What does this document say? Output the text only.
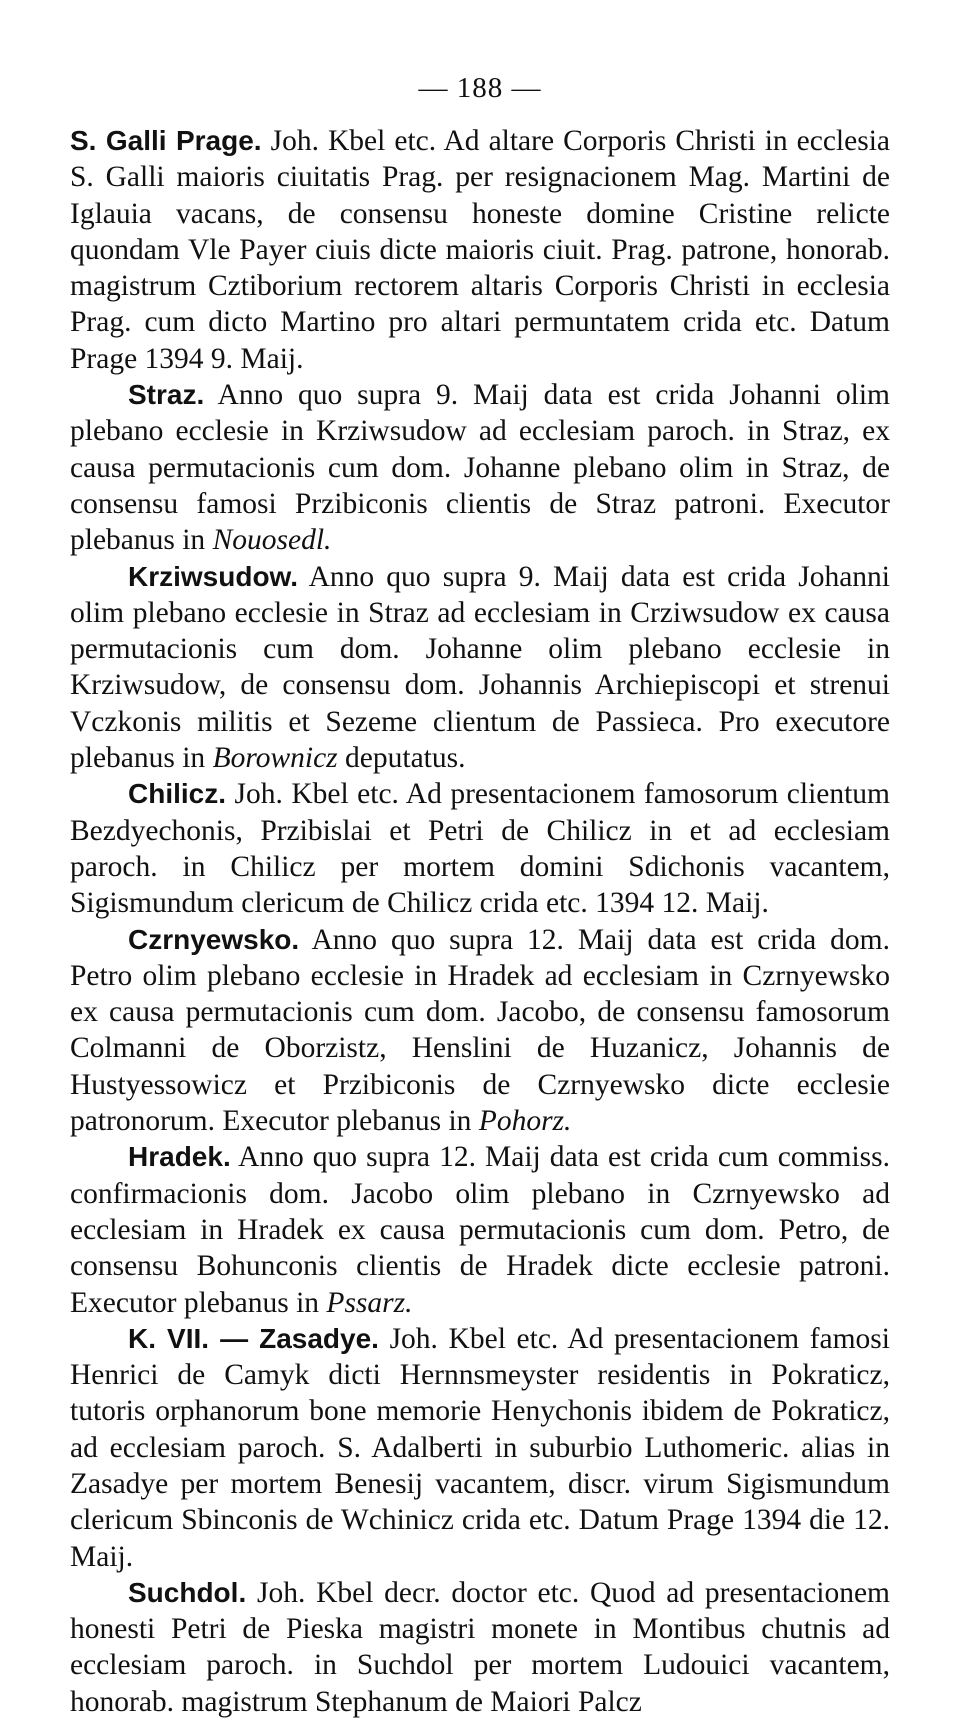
— 188 —
S. Galli Prage. Joh. Kbel etc. Ad altare Corporis Christi in ecclesia S. Galli maioris ciuitatis Prag. per resignacionem Mag. Martini de Iglauia vacans, de consensu honeste domine Cristine relicte quondam Vle Payer ciuis dicte maioris ciuit. Prag. patrone, honorab. magistrum Cztiborium rectorem altaris Corporis Christi in ecclesia Prag. cum dicto Martino pro altari permuntatem crida etc. Datum Prage 1394 9. Maij.
Straz. Anno quo supra 9. Maij data est crida Johanni olim plebano ecclesie in Krziwsudow ad ecclesiam paroch. in Straz, ex causa permutacionis cum dom. Johanne plebano olim in Straz, de consensu famosi Przibiconis clientis de Straz patroni. Executor plebanus in Nouosedl.
Krziwsudow. Anno quo supra 9. Maij data est crida Johanni olim plebano ecclesie in Straz ad ecclesiam in Crziwsudow ex causa permutacionis cum dom. Johanne olim plebano ecclesie in Krziwsudow, de consensu dom. Johannis Archiepiscopi et strenui Vczkonis militis et Sezeme clientum de Passieca. Pro executore plebanus in Borownicz deputatus.
Chilicz. Joh. Kbel etc. Ad presentacionem famosorum clientum Bezdyechonis, Przibislai et Petri de Chilicz in et ad ecclesiam paroch. in Chilicz per mortem domini Sdichonis vacantem, Sigismundum clericum de Chilicz crida etc. 1394 12. Maij.
Czrnyewsko. Anno quo supra 12. Maij data est crida dom. Petro olim plebano ecclesie in Hradek ad ecclesiam in Czrnyewsko ex causa permutacionis cum dom. Jacobo, de consensu famosorum Colmanni de Oborzistz, Henslini de Huzanicz, Johannis de Hustyessowicz et Przibiconis de Czrnyewsko dicte ecclesie patronorum. Executor plebanus in Pohorz.
Hradek. Anno quo supra 12. Maij data est crida cum commiss. confirmacionis dom. Jacobo olim plebano in Czrnyewsko ad ecclesiam in Hradek ex causa permutacionis cum dom. Petro, de consensu Bohunconis clientis de Hradek dicte ecclesie patroni. Executor plebanus in Pssarz.
K. VII. — Zasadye. Joh. Kbel etc. Ad presentacionem famosi Henrici de Camyk dicti Hernnsmeyster residentis in Pokraticz, tutoris orphanorum bone memorie Henychonis ibidem de Pokraticz, ad ecclesiam paroch. S. Adalberti in suburbio Luthomeric. alias in Zasadye per mortem Benesij vacantem, discr. virum Sigismundum clericum Sbinconis de Wchinicz crida etc. Datum Prage 1394 die 12. Maij.
Suchdol. Joh. Kbel decr. doctor etc. Quod ad presentacionem honesti Petri de Pieska magistri monete in Montibus chutnis ad ecclesiam paroch. in Suchdol per mortem Ludouici vacantem, honorab. magistrum Stephanum de Maiori Palcz
